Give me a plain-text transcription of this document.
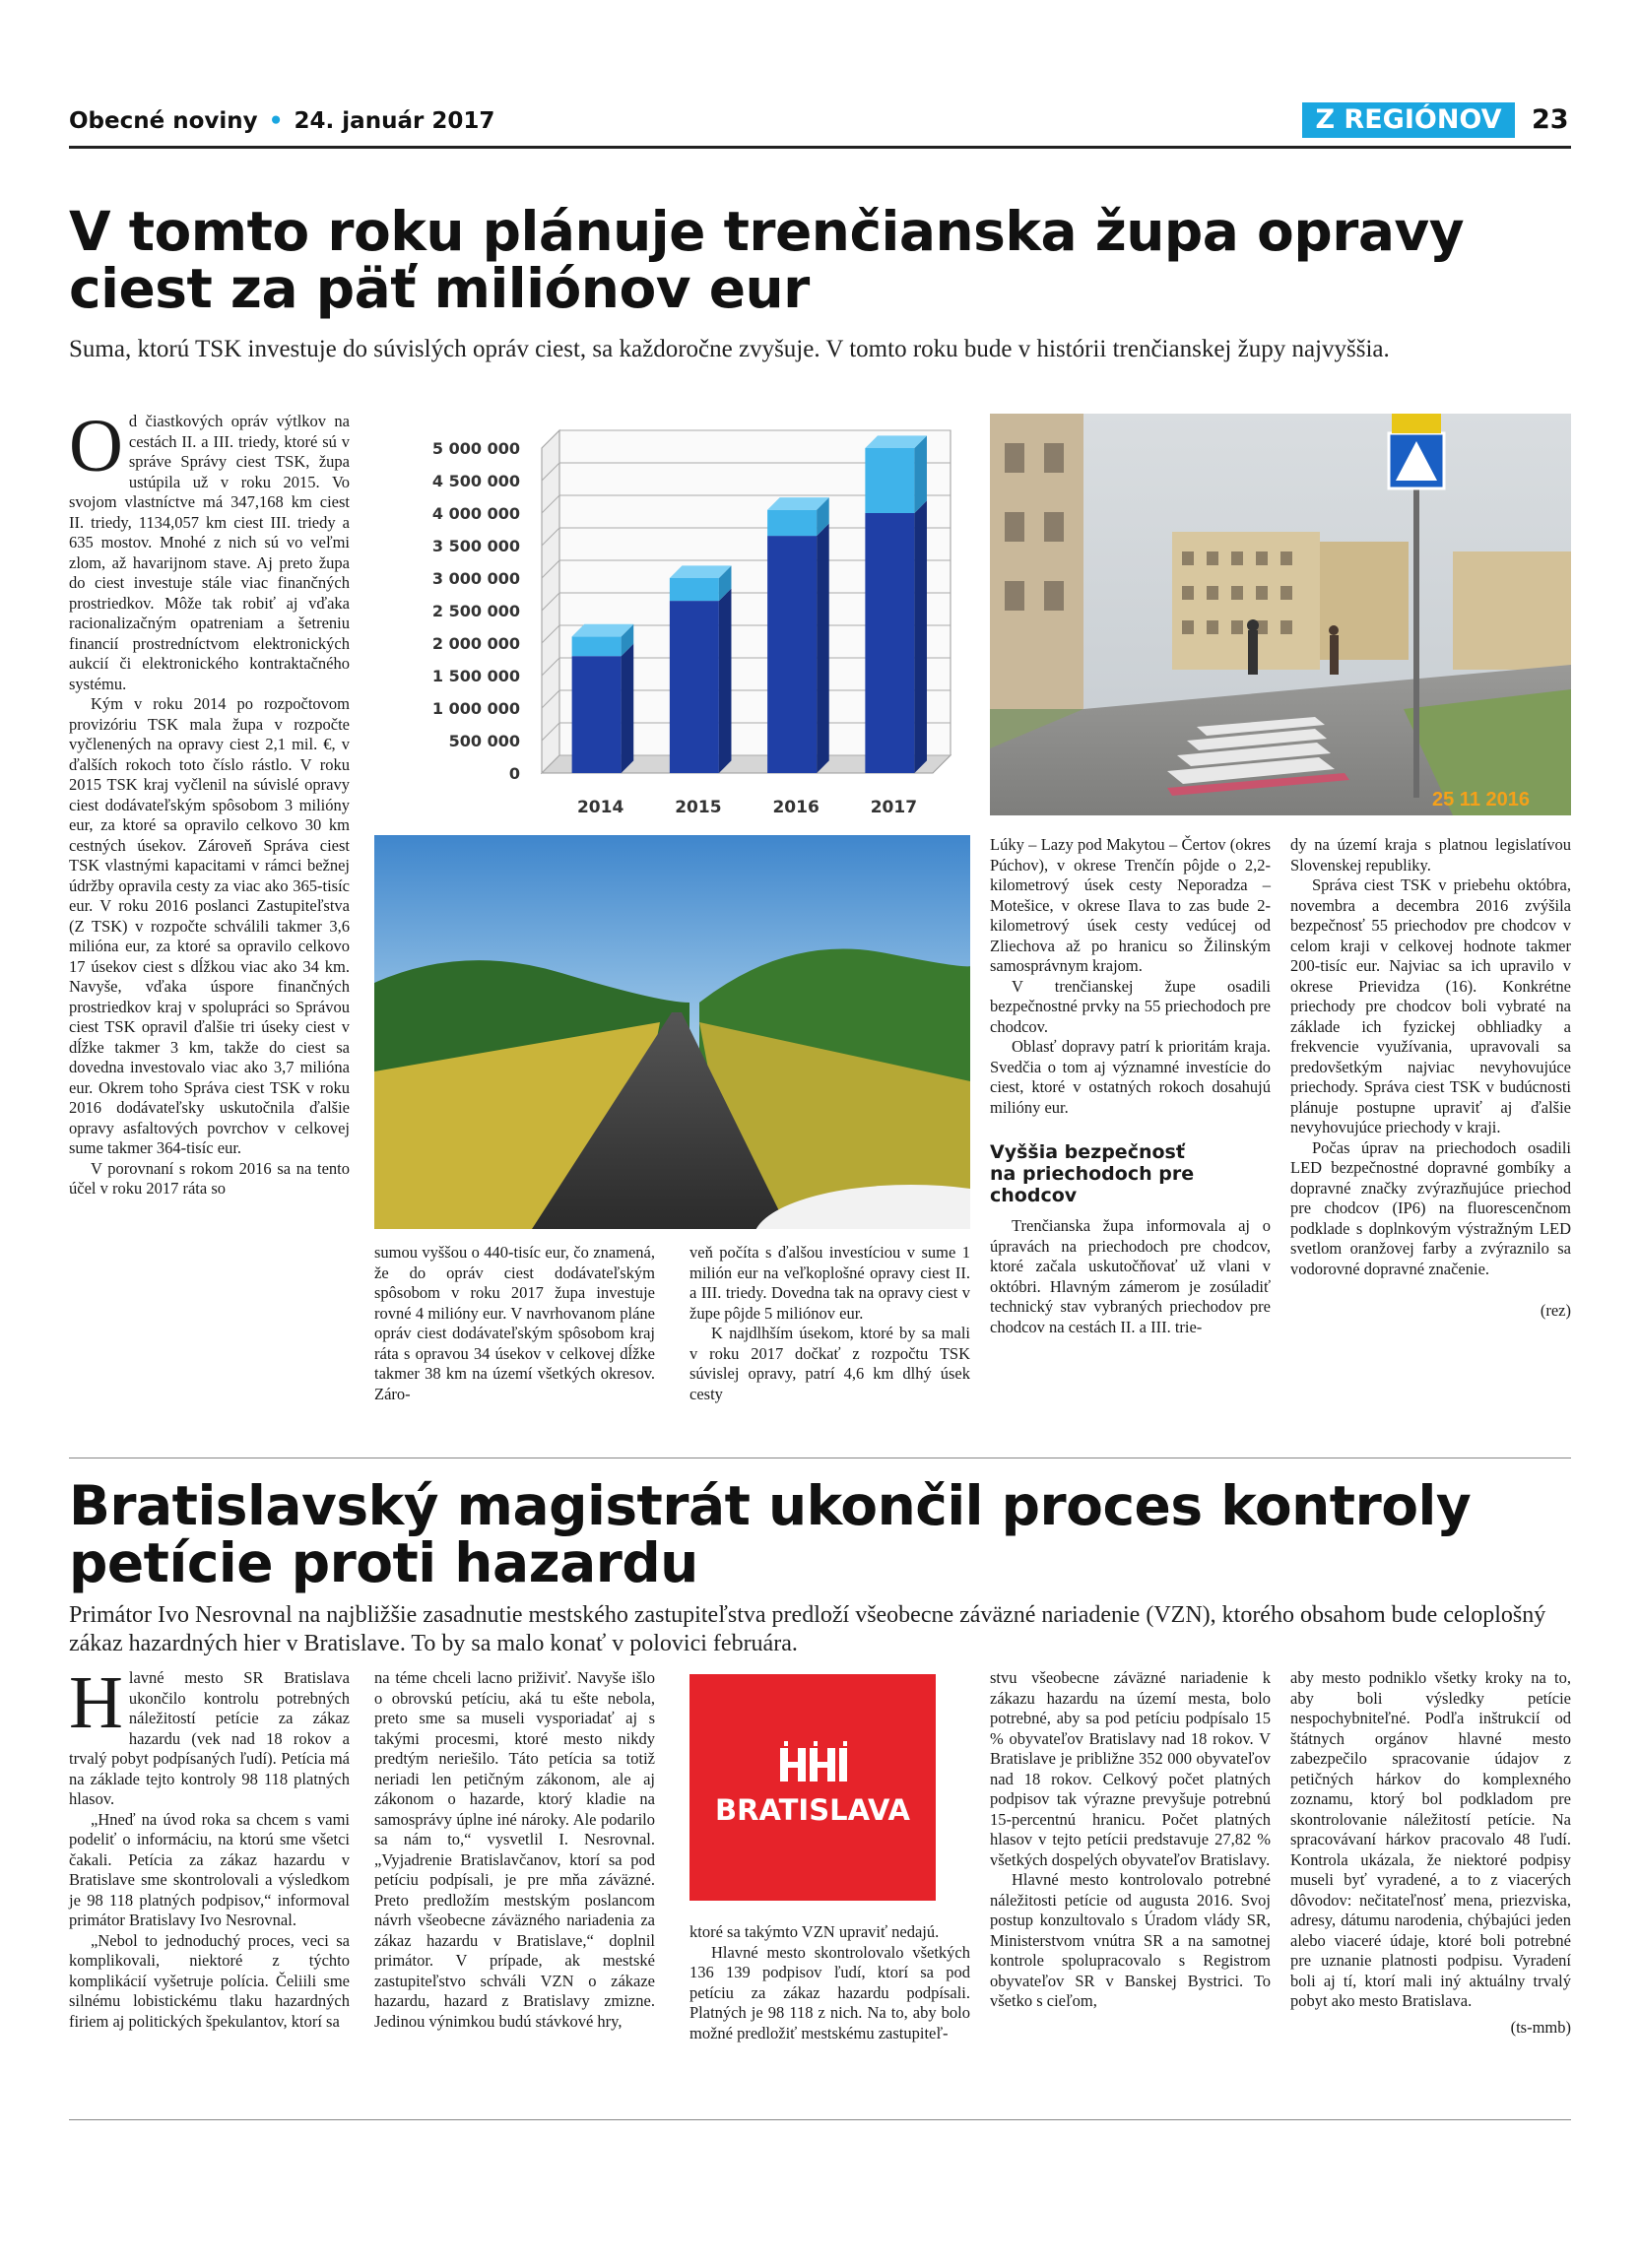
Obecné noviny • 24. január 2017	Z REGIÓNOV	23
V tomto roku plánuje trenčianska župa opravy ciest za päť miliónov eur
Suma, ktorú TSK investuje do súvislých opráv ciest, sa každoročne zvyšuje. V tomto roku bude v histórii trenčianskej župy najvyššia.

Od čiastkových opráv výtlkov na cestách II. a III. triedy, ktoré sú v správe Správy ciest TSK, župa ustúpila už v roku 2015. Vo svojom vlastníctve má 347,168 km ciest II. triedy, 1134,057 km ciest III. triedy a 635 mostov. Mnohé z nich sú vo veľmi zlom, až havarijnom stave. Aj preto župa do ciest investuje stále viac finančných prostriedkov. Môže tak robiť aj vďaka racionalizačným opatreniam a šetreniu financií prostredníctvom elektronických aukcií či elektronického kontraktačného systému.

Kým v roku 2014 po rozpočtovom provizóriu TSK mala župa v rozpočte vyčlenených na opravy ciest 2,1 mil. €, v ďalších rokoch toto číslo rástlo. V roku 2015 TSK kraj vyčlenil na súvislé opravy ciest dodávateľským spôsobom 3 milióny eur, za ktoré sa opravilo celkovo 30 km cestných úsekov. Zároveň Správa ciest TSK vlastnými kapacitami v rámci bežnej údržby opravila cesty za viac ako 365-tisíc eur. V roku 2016 poslanci Zastupiteľstva (Z TSK) v rozpočte schválili takmer 3,6 milióna eur, za ktoré sa opravilo celkovo 17 úsekov ciest s dĺžkou viac ako 34 km. Navyše, vďaka úspore finančných prostriedkov kraj v spolupráci so Správou ciest TSK opravil ďalšie tri úseky ciest v dĺžke takmer 3 km, takže do ciest sa dovedna investovalo viac ako 3,7 milióna eur. Okrem toho Správa ciest TSK v roku 2016 dodávateľsky uskutočnila ďalšie opravy asfaltových povrchov v celkovej sume takmer 364-tisíc eur.

V porovnaní s rokom 2016 sa na tento účel v roku 2017 ráta so

0
500 000
1 000 000
1 500 000
2 000 000
2 500 000
3 000 000
3 500 000
4 000 000
4 500 000
5 000 000
2014	2015	2016	2017	25 11 2016

sumou vyššou o 440-tisíc eur, čo znamená, že do opráv ciest dodávateľským spôsobom v roku 2017 župa investuje rovné 4 milióny eur. V navrhovanom pláne opráv ciest dodávateľským spôsobom kraj ráta s opravou 34 úsekov v celkovej dĺžke takmer 38 km na území všetkých okresov. Záro-

veň počíta s ďalšou investíciou v sume 1 milión eur na veľkoplošné opravy ciest II. a III. triedy. Dovedna tak na opravy ciest v župe pôjde 5 miliónov eur.

K najdlhším úsekom, ktoré by sa mali v roku 2017 dočkať z rozpočtu TSK súvislej opravy, patrí 4,6 km dlhý úsek cesty

Lúky – Lazy pod Makytou – Čertov (okres Púchov), v okrese Trenčín pôjde o 2,2-kilometrový úsek cesty Neporadza – Motešice, v okrese Ilava to zas bude 2-kilometrový úsek cesty vedúcej od Zliechova až po hranicu so Žilinským samosprávnym krajom.

V trenčianskej župe osadili bezpečnostné prvky na 55 priechodoch pre chodcov.

Oblasť dopravy patrí k prioritám kraja. Svedčia o tom aj významné investície do ciest, ktoré v ostatných rokoch dosahujú milióny eur.

Vyššia bezpečnosť na priechodoch pre chodcov

Trenčianska župa informovala aj o úpravách na priechodoch pre chodcov, ktoré začala uskutočňovať už vlani v októbri. Hlavným zámerom je zosúladiť technický stav vybraných priechodov pre chodcov na cestách II. a III. trie-

dy na území kraja s platnou legislatívou Slovenskej republiky.

Správa ciest TSK v priebehu októbra, novembra a decembra 2016 zvýšila bezpečnosť 55 priechodov pre chodcov v celom kraji v celkovej hodnote takmer 200-tisíc eur. Najviac sa ich upravilo v okrese Prievidza (16). Konkrétne priechody pre chodcov boli vybraté na základe ich fyzickej obhliadky a frekvencie využívania, upravovali sa predovšetkým najviac nevyhovujúce priechody. Správa ciest TSK v budúcnosti plánuje postupne upraviť aj ďalšie nevyhovujúce priechody v kraji.

Počas úprav na priechodoch osadili LED bezpečnostné dopravné gombíky a dopravné značky zvýrazňujúce priechod pre chodcov (IP6) na fluorescenčnom podklade s doplnkovým výstražným LED svetlom oranžovej farby a zvýraznilo sa vodorovné dopravné značenie.

(rez)
Bratislavský magistrát ukončil proces kontroly petície proti hazardu
Primátor Ivo Nesrovnal na najbližšie zasadnutie mestského zastupiteľstva predloží všeobecne záväzné nariadenie (VZN), ktorého obsahom bude celoplošný zákaz hazardných hier v Bratislave. To by sa malo konať v polovici februára.

Hlavné mesto SR Bratislava ukončilo kontrolu potrebných náležitostí petície za zákaz hazardu (vek nad 18 rokov a trvalý pobyt podpísaných ľudí). Petícia má na základe tejto kontroly 98 118 platných hlasov.

„Hneď na úvod roka sa chcem s vami podeliť o informáciu, na ktorú sme všetci čakali. Petícia za zákaz hazardu v Bratislave sme skontrolovali a výsledkom je 98 118 platných podpisov,“ informoval primátor Bratislavy Ivo Nesrovnal.

„Nebol to jednoduchý proces, veci sa komplikovali, niektoré z týchto komplikácií vyšetruje polícia. Čeliili sme silnému lobistickému tlaku hazardných firiem aj politických špekulantov, ktorí sa

na téme chceli lacno priživiť. Navyše išlo o obrovskú petíciu, aká tu ešte nebola, preto sme sa museli vysporiadať aj s takými procesmi, ktoré mesto nikdy predtým neriešilo. Táto petícia sa totiž neriadi len petičným zákonom, ale aj zákonom o hazarde, ktorý kladie na samosprávy úplne iné nároky. Ale podarilo sa nám to,“ vysvetlil I. Nesrovnal. „Vyjadrenie Bratislavčanov, ktorí sa pod petíciu podpísali, je pre mňa záväzné. Preto predložím mestským poslancom návrh všeobecne záväzného nariadenia za zákaz hazardu v Bratislave,“ doplnil primátor. V prípade, ak mestské zastupiteľstvo schváli VZN o zákaze hazardu, hazard z Bratislavy zmizne. Jedinou výnimkou budú stávkové hry,

BRATISLAVA

ktoré sa takýmto VZN upraviť nedajú.

Hlavné mesto skontrolovalo všetkých 136 139 podpisov ľudí, ktorí sa pod petíciu za zákaz hazardu podpísali. Platných je 98 118 z nich. Na to, aby bolo možné predložiť mestskému zastupiteľ-

stvu všeobecne záväzné nariadenie k zákazu hazardu na území mesta, bolo potrebné, aby sa pod petíciu podpísalo 15 % obyvateľov Bratislavy nad 18 rokov. V Bratislave je približne 352 000 obyvateľov nad 18 rokov. Celkový počet platných podpisov tak výrazne prevyšuje potrebnú 15-percentnú hranicu. Počet platných hlasov v tejto petícii predstavuje 27,82 % všetkých dospelých obyvateľov Bratislavy.

Hlavné mesto kontrolovalo potrebné náležitosti petície od augusta 2016. Svoj postup konzultovalo s Úradom vlády SR, Ministerstvom vnútra SR a na samotnej kontrole spolupracovalo s Registrom obyvateľov SR v Banskej Bystrici. To všetko s cieľom,

aby mesto podniklo všetky kroky na to, aby boli výsledky petície nespochybniteľné. Podľa inštrukcií od štátnych orgánov hlavné mesto zabezpečilo spracovanie údajov z petičných hárkov do komplexného zoznamu, ktorý bol podkladom pre skontrolovanie náležitostí petície. Na spracovávaní hárkov pracovalo 48 ľudí. Kontrola ukázala, že niektoré podpisy museli byť vyradené, a to z viacerých dôvodov: nečitateľnosť mena, priezviska, adresy, dátumu narodenia, chýbajúci jeden alebo viaceré údaje, ktoré boli potrebné pre uznanie platnosti podpisu. Vyradení boli aj tí, ktorí mali iný aktuálny trvalý pobyt ako mesto Bratislava.

(ts-mmb)
